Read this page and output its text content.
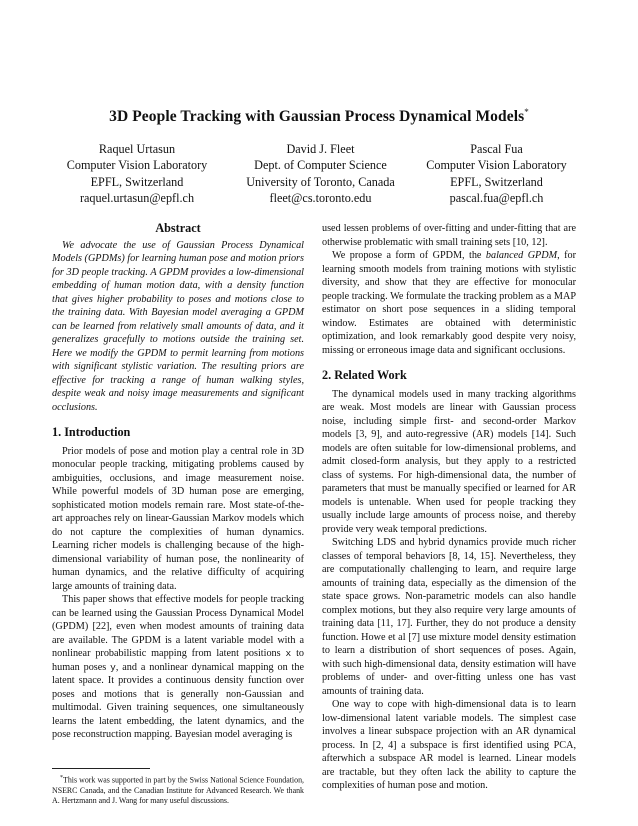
3D People Tracking with Gaussian Process Dynamical Models*
Raquel Urtasun
Computer Vision Laboratory
EPFL, Switzerland
raquel.urtasun@epfl.ch
David J. Fleet
Dept. of Computer Science
University of Toronto, Canada
fleet@cs.toronto.edu
Pascal Fua
Computer Vision Laboratory
EPFL, Switzerland
pascal.fua@epfl.ch
Abstract

We advocate the use of Gaussian Process Dynamical Models (GPDMs) for learning human pose and motion priors for 3D people tracking. A GPDM provides a low-dimensional embedding of human motion data, with a density function that gives higher probability to poses and motions close to the training data. With Bayesian model averaging a GPDM can be learned from relatively small amounts of data, and it generalizes gracefully to motions outside the training set. Here we modify the GPDM to permit learning from motions with significant stylistic variation. The resulting priors are effective for tracking a range of human walking styles, despite weak and noisy image measurements and significant occlusions.

1. Introduction

Prior models of pose and motion play a central role in 3D monocular people tracking, mitigating problems caused by ambiguities, occlusions, and image measurement noise. While powerful models of 3D human pose are emerging, sophisticated motion models remain rare. Most state-of-the-art approaches rely on linear-Gaussian Markov models which do not capture the complexities of human dynamics. Learning richer models is challenging because of the high-dimensional variability of human pose, the nonlinearity of human dynamics, and the relative difficulty of acquiring large amounts of training data.

This paper shows that effective models for people tracking can be learned using the Gaussian Process Dynamical Model (GPDM) [22], even when modest amounts of training data are available. The GPDM is a latent variable model with a nonlinear probabilistic mapping from latent positions x to human poses y, and a nonlinear dynamical mapping on the latent space. It provides a continuous density function over poses and motions that is generally non-Gaussian and multimodal. Given training sequences, one simultaneously learns the latent embedding, the latent dynamics, and the pose reconstruction mapping. Bayesian model averaging is

*This work was supported in part by the Swiss National Science Foundation, NSERC Canada, and the Canadian Institute for Advanced Research. We thank A. Hertzmann and J. Wang for many useful discussions.

used lessen problems of over-fitting and under-fitting that are otherwise problematic with small training sets [10, 12].

We propose a form of GPDM, the balanced GPDM, for learning smooth models from training motions with stylistic diversity, and show that they are effective for monocular people tracking. We formulate the tracking problem as a MAP estimator on short pose sequences in a sliding temporal window. Estimates are obtained with deterministic optimization, and look remarkably good despite very noisy, missing or erroneous image data and significant occlusions.

2. Related Work

The dynamical models used in many tracking algorithms are weak. Most models are linear with Gaussian process noise, including simple first- and second-order Markov models [3, 9], and auto-regressive (AR) models [14]. Such models are often suitable for low-dimensional problems, and admit closed-form analysis, but they apply to a restricted class of systems. For high-dimensional data, the number of parameters that must be manually specified or learned for AR models is untenable. When used for people tracking they usually include large amounts of process noise, and thereby provide very weak temporal predictions.

Switching LDS and hybrid dynamics provide much richer classes of temporal behaviors [8, 14, 15]. Nevertheless, they are computationally challenging to learn, and require large amounts of training data, especially as the dimension of the state space grows. Non-parametric models can also handle complex motions, but they also require very large amounts of training data [11, 17]. Further, they do not produce a density function. Howe et al [7] use mixture model density estimation to learn a distribution of short sequences of poses. Again, with such high-dimensional data, density estimation will have problems of under- and over-fitting unless one has vast amounts of training data.

One way to cope with high-dimensional data is to learn low-dimensional latent variable models. The simplest case involves a linear subspace projection with an AR dynamical process. In [2, 4] a subspace is first identified using PCA, afterwhich a subspace AR model is learned. Linear models are tractable, but they often lack the ability to capture the complexities of human pose and motion.
